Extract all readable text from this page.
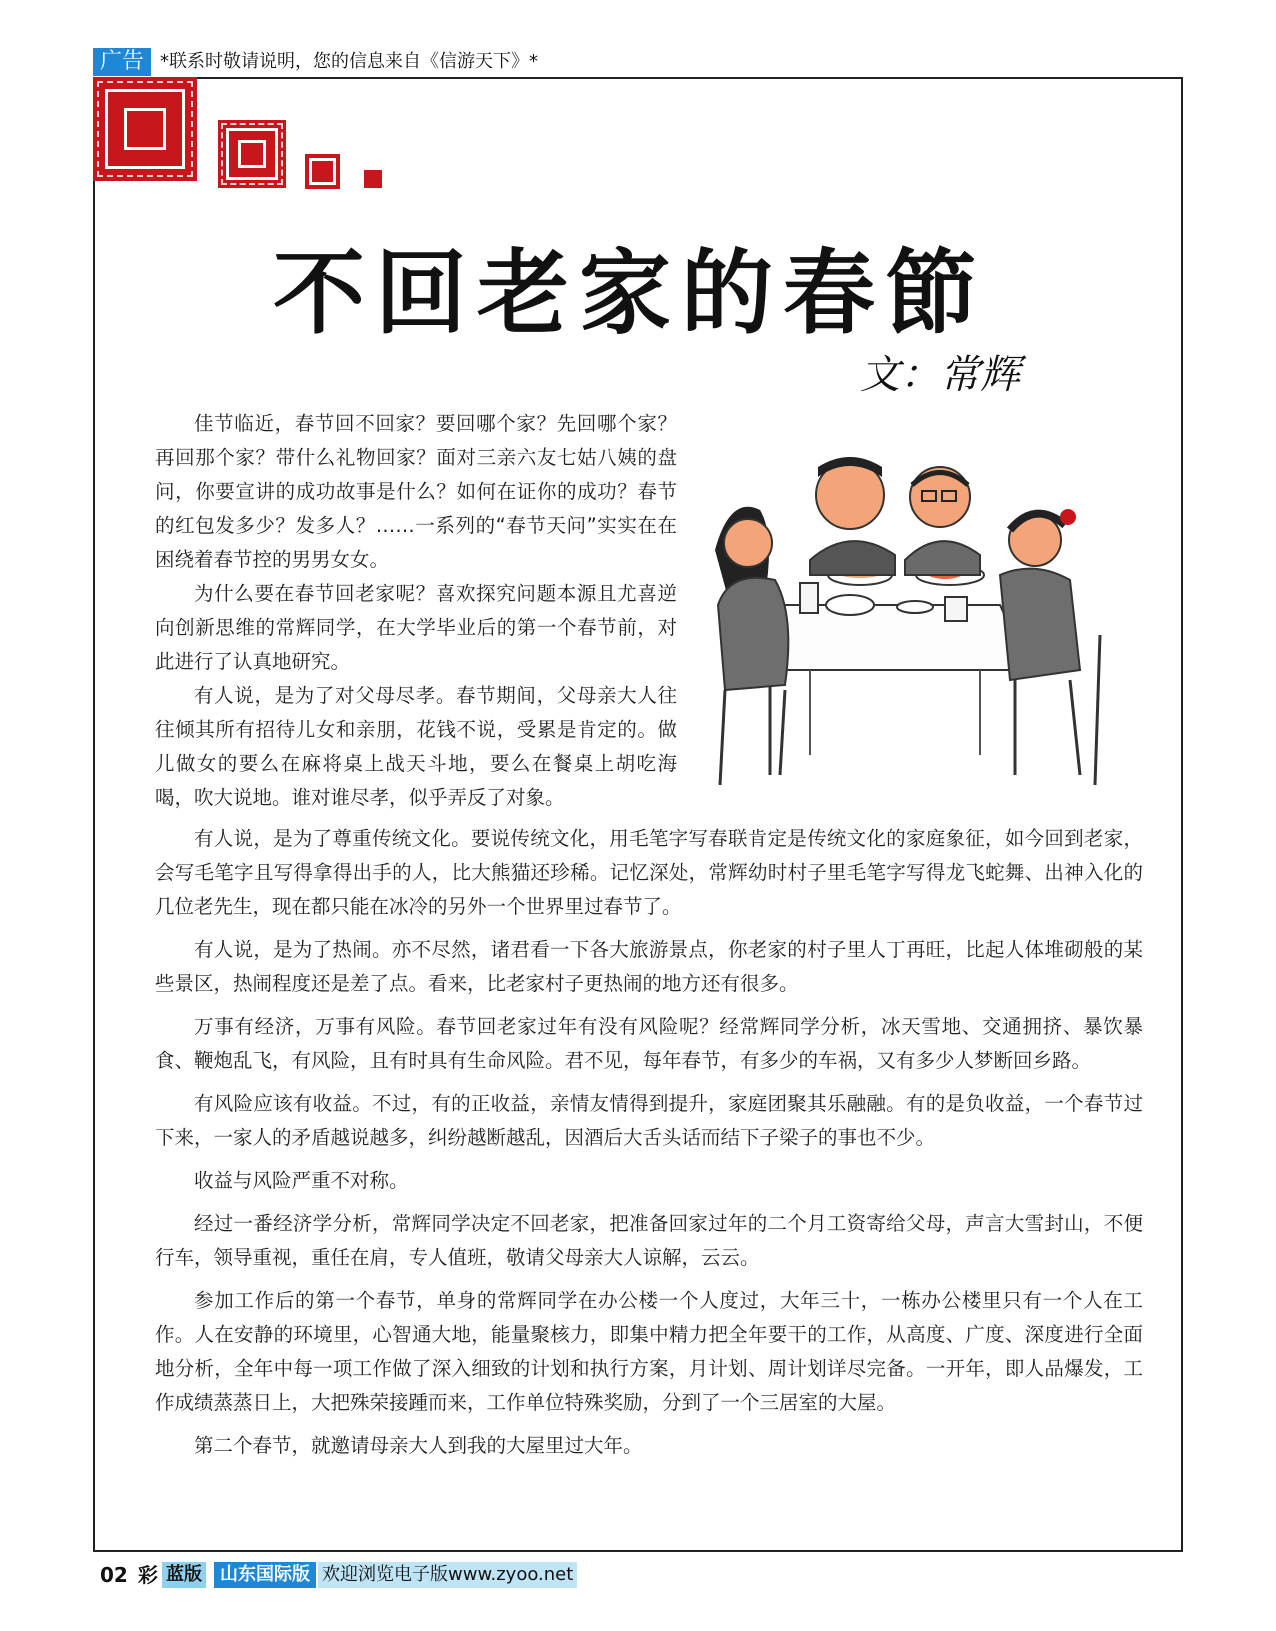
广告 *联系时敬请说明，您的信息来自《信游天下》*
不回老家的春節
文：常辉

佳节临近，春节回不回家？要回哪个家？先回哪个家？再回那个家？带什么礼物回家？面对三亲六友七姑八姨的盘问，你要宣讲的成功故事是什么？如何在证你的成功？春节的红包发多少？发多人？……一系列的“春节天问”实实在在困绕着春节控的男男女女。

为什么要在春节回老家呢？喜欢探究问题本源且尤喜逆向创新思维的常辉同学，在大学毕业后的第一个春节前，对此进行了认真地研究。

有人说，是为了对父母尽孝。春节期间，父母亲大人往往倾其所有招待儿女和亲朋，花钱不说，受累是肯定的。做儿做女的要么在麻将桌上战天斗地，要么在餐桌上胡吃海喝，吹大说地。谁对谁尽孝，似乎弄反了对象。

有人说，是为了尊重传统文化。要说传统文化，用毛笔字写春联肯定是传统文化的家庭象征，如今回到老家，会写毛笔字且写得拿得出手的人，比大熊猫还珍稀。记忆深处，常辉幼时村子里毛笔字写得龙飞蛇舞、出神入化的几位老先生，现在都只能在冰冷的另外一个世界里过春节了。

有人说，是为了热闹。亦不尽然，诸君看一下各大旅游景点，你老家的村子里人丁再旺，比起人体堆砌般的某些景区，热闹程度还是差了点。看来，比老家村子更热闹的地方还有很多。

万事有经济，万事有风险。春节回老家过年有没有风险呢？经常辉同学分析，冰天雪地、交通拥挤、暴饮暴食、鞭炮乱飞，有风险，且有时具有生命风险。君不见，每年春节，有多少的车祸，又有多少人梦断回乡路。

有风险应该有收益。不过，有的正收益，亲情友情得到提升，家庭团聚其乐融融。有的是负收益，一个春节过下来，一家人的矛盾越说越多，纠纷越断越乱，因酒后大舌头话而结下子梁子的事也不少。

收益与风险严重不对称。

经过一番经济学分析，常辉同学决定不回老家，把准备回家过年的二个月工资寄给父母，声言大雪封山，不便行车，领导重视，重任在肩，专人值班，敬请父母亲大人谅解，云云。

参加工作后的第一个春节，单身的常辉同学在办公楼一个人度过，大年三十，一栋办公楼里只有一个人在工作。人在安静的环境里，心智通大地，能量聚核力，即集中精力把全年要干的工作，从高度、广度、深度进行全面地分析，全年中每一项工作做了深入细致的计划和执行方案，月计划、周计划详尽完备。一开年，即人品爆发，工作成绩蒸蒸日上，大把殊荣接踵而来，工作单位特殊奖励，分到了一个三居室的大屋。

第二个春节，就邀请母亲大人到我的大屋里过大年。

02 彩 蓝版	山东国际版 欢迎浏览电子版www.zyoo.net
